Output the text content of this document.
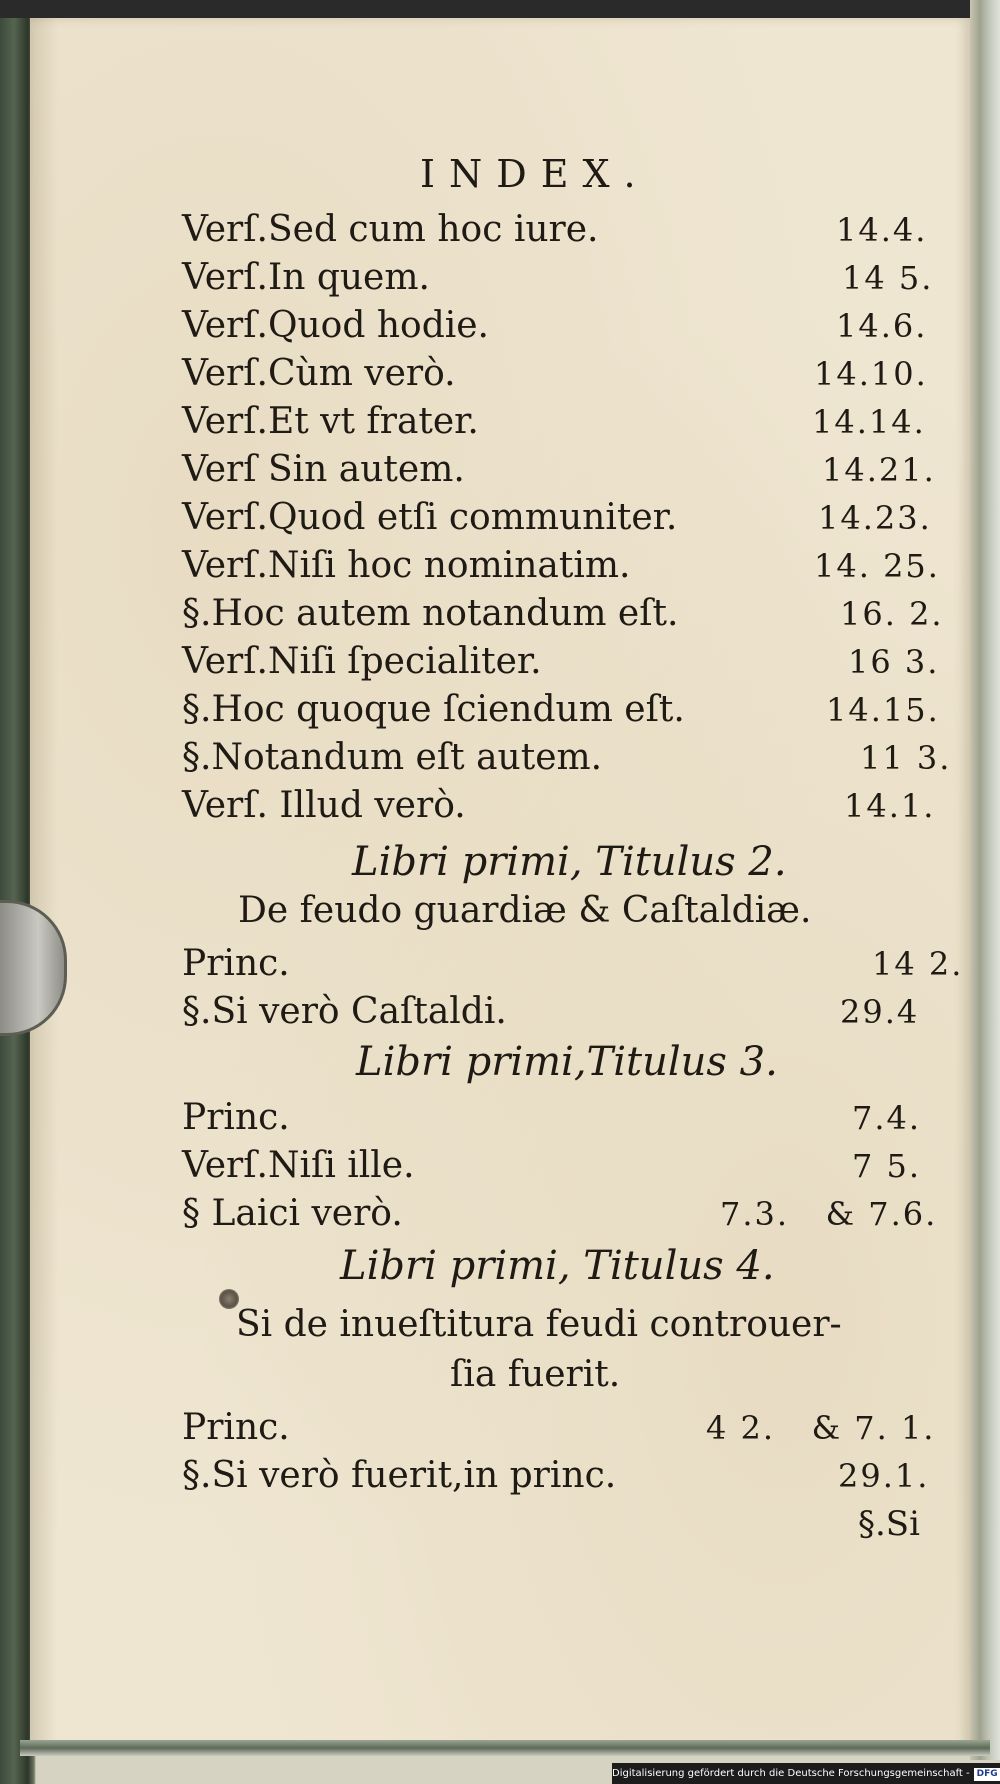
INDEX.
Verſ.Sed cum hoc iure.	14.4.
Verſ.In quem.	14 5.
Verſ.Quod hodie.	14.6.
Verſ.Cùm verò.	14.10.
Verſ.Et vt frater.	14.14.
Verſ Sin autem.	14.21.
Verſ.Quod etſi communiter.	14.23.
Verſ.Niſi hoc nominatim.	14. 25.
§.Hoc autem notandum eſt.	16. 2.
Verſ.Niſi ſpecialiter.	16 3.
§.Hoc quoque ſciendum eſt.	14.15.
§.Notandum eſt autem.	11 3.
Verſ. Illud verò.	14.1.
Libri primi, Titulus 2.
De feudo guardiæ & Caſtaldiæ.
Princ.	14 2.
§.Si verò Caſtaldi.	29.4
Libri primi,Titulus 3.
Princ.	7.4.
Verſ.Niſi ille.	7 5.
§ Laici verò.	7.3.   & 7.6.
Libri primi, Titulus 4.
Si de inueſtitura feudi controuer-
ſia fuerit.
Princ.	4 2.   & 7. 1.
§.Si verò fuerit,in princ.	29.1.
§.Si
Digitalisierung gefördert durch die Deutsche Forschungsgemeinschaft - DFG
